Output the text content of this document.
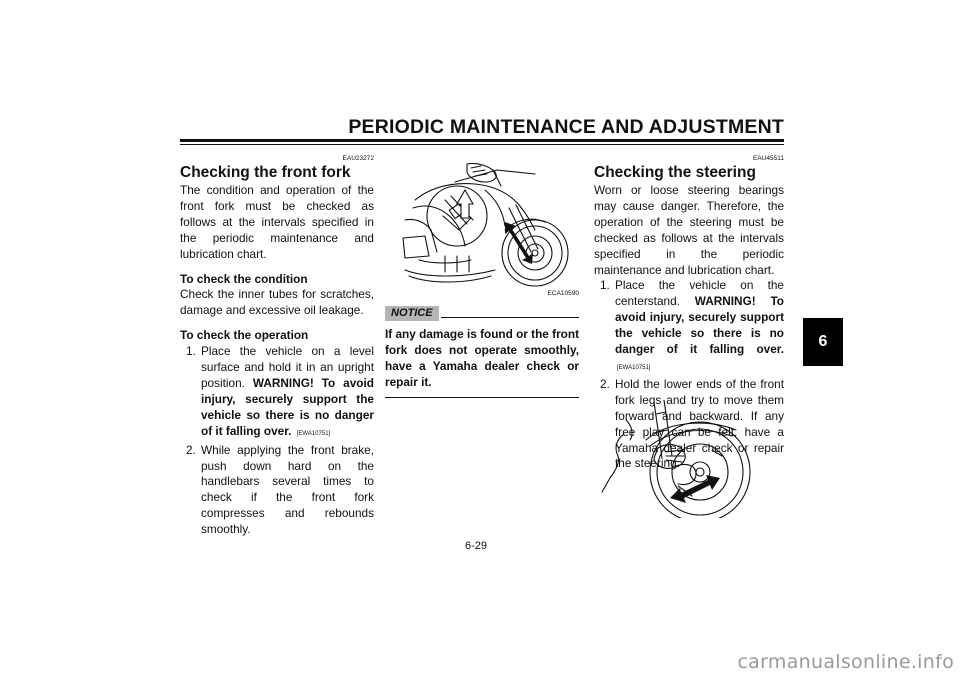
PERIODIC MAINTENANCE AND ADJUSTMENT
6
EAU23272
Checking the front fork

The condition and operation of the front fork must be checked as follows at the intervals specified in the periodic maintenance and lubrication chart.

To check the condition

Check the inner tubes for scratches, damage and excessive oil leakage.

To check the operation
1. Place the vehicle on a level surface and hold it in an upright position. WARNING! To avoid injury, securely support the vehicle so there is no danger of it falling over. [EWA10751]
2. While applying the front brake, push down hard on the handlebars several times to check if the front fork compresses and rebounds smoothly.
ECA10590
NOTICE
If any damage is found or the front fork does not operate smoothly, have a Yamaha dealer check or repair it.
EAU45511
Checking the steering

Worn or loose steering bearings may cause danger. Therefore, the operation of the steering must be checked as follows at the intervals specified in the periodic maintenance and lubrication chart.

1. Place the vehicle on the centerstand. WARNING! To avoid injury, securely support the vehicle so there is no danger of it falling over. [EWA10751]
2. Hold the lower ends of the front fork legs and try to move them forward and backward. If any free play can be felt, have a Yamaha dealer check or repair the steering.
6-29
carmanualsonline.info
